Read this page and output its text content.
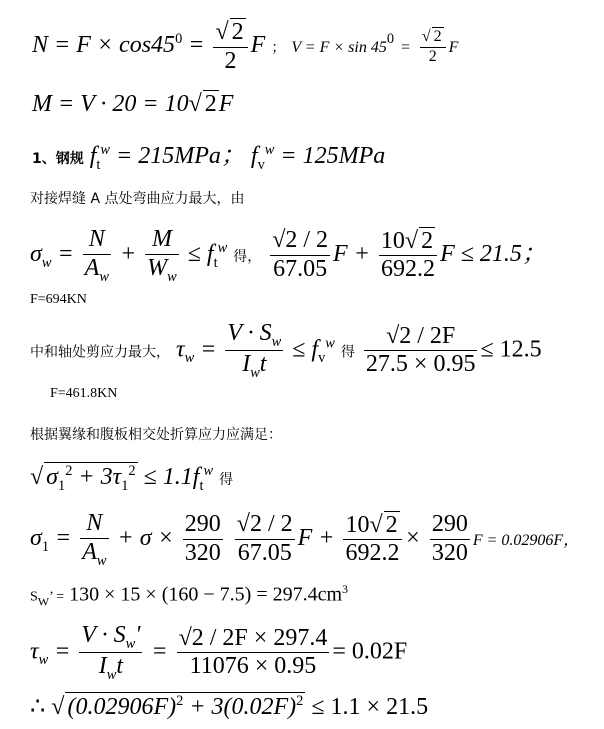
$N = F \times \cos 45^0 = \frac{√ 2}{2}$ F ； $V = F \times \sin 45^0 = \frac{√ 2}{2}$ F
M = V · 20 = 10√ 2F
1、钢规 $f_t^w = 215MPa$； $f_v^w = 125MPa$
对接焊缝 A 点处弯曲应力最大，由
$\sigma_w = \frac{N}{A_w} + \frac{M}{W_w} \le f_t^w$ 得， $\frac{√2 / 2}{67.05}$ $F + \frac{10√ 2}{692.2}$ F ≤ 21.5；
F=694KN
中和轴处剪应力最大， $\tau_w = \frac{V \cdot S_w}{I_wt} \le f_v^w$ 得 $\frac{√2 / 2F}{27.5 \times 0.95} \le 12.5$
F=461.8KN
根据翼缘和腹板相交处折算应力应满足：
√ $\sigma_1^2 + 3\tau_1^2 \le 1.1f_t^w$ 得
$\sigma_1 = \frac{N}{A_w} + \sigma \times \frac{290}{320}$
$\frac{√2 / 2}{67.05}$ $F + \frac{10√ 2}{692.2} \times \frac{290}{320}$ F = 0.02906F，
$S_W$’ = $130 \times 15 \times (160 - 7.5) = 297.4cm^3$
$\tau_w = \frac{V \cdot S_w'}{I_wt} = \frac{√2 / 2F \times 297.4}{11076 \times 0.95} = 0.02F$
∴ √ $(0.02906F)^2 + 3(0.02F)^2 \le 1.1 \times 21.5$
